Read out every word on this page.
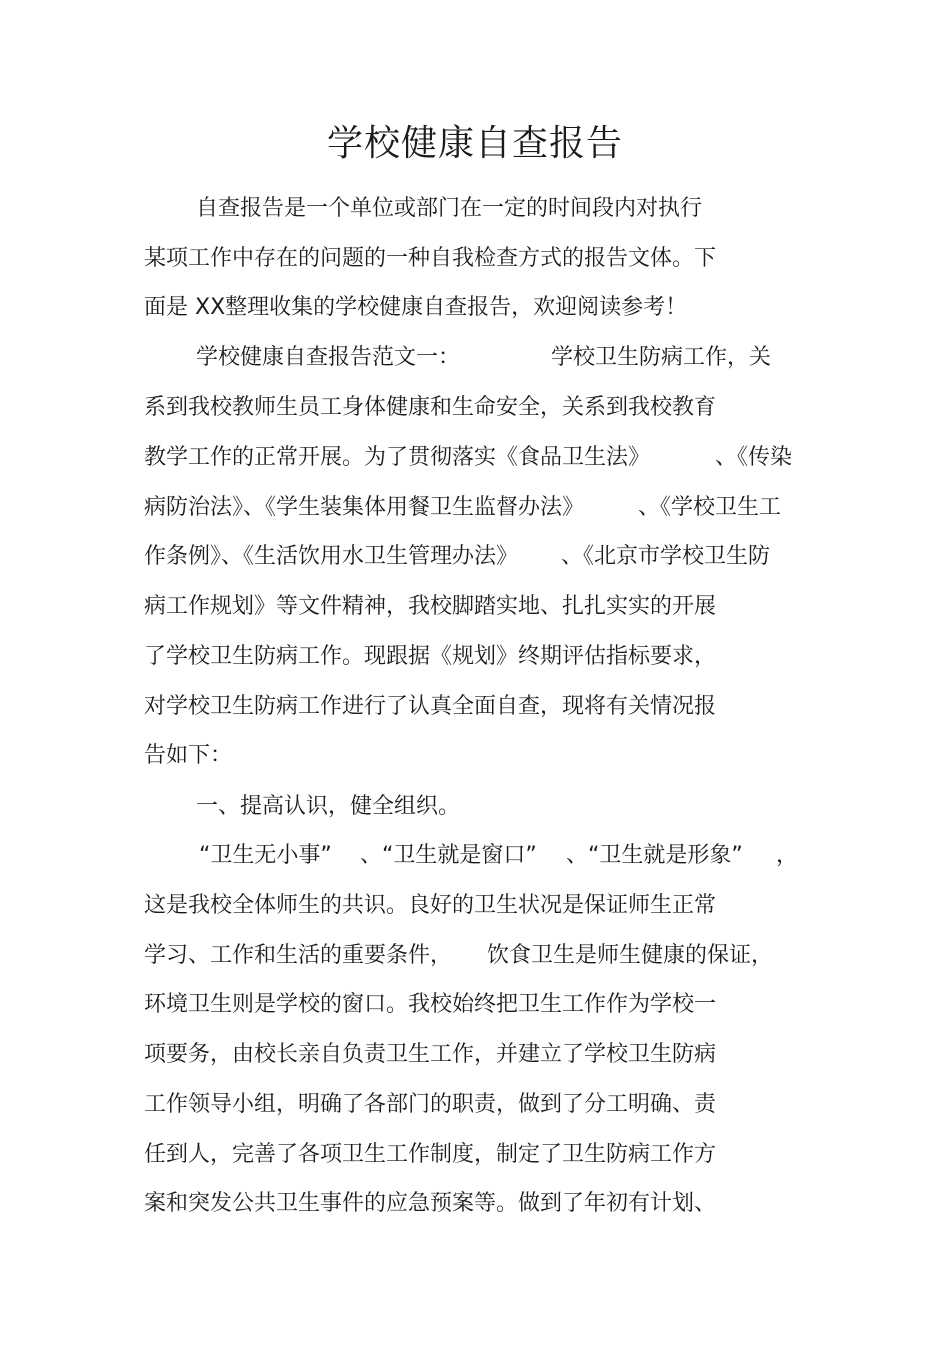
学校健康自查报告
自查报告是一个单位或部门在一定的时间段内对执行
某项工作中存在的问题的一种自我检查方式的报告文体。下
面是 XX整理收集的学校健康自查报告，欢迎阅读参考！
学校健康自查报告范文一：	学校卫生防病工作，关
系到我校教师生员工身体健康和生命安全，关系到我校教育
教学工作的正常开展。为了贯彻落实《食品卫生法》	、《传染
病防治法》、《学生装集体用餐卫生监督办法》 、《学校卫生工
作条例》、《生活饮用水卫生管理办法》 、《北京市学校卫生防
病工作规划》等文件精神，我校脚踏实地、扎扎实实的开展
了学校卫生防病工作。现跟据《规划》终期评估指标要求，
对学校卫生防病工作进行了认真全面自查，现将有关情况报
告如下：
一、提高认识，健全组织。
“卫生无小事” 、“卫生就是窗口” 、“卫生就是形象” ，
这是我校全体师生的共识。良好的卫生状况是保证师生正常
学习、工作和生活的重要条件， 饮食卫生是师生健康的保证，
环境卫生则是学校的窗口。我校始终把卫生工作作为学校一
项要务，由校长亲自负责卫生工作，并建立了学校卫生防病
工作领导小组，明确了各部门的职责，做到了分工明确、责
任到人，完善了各项卫生工作制度，制定了卫生防病工作方
案和突发公共卫生事件的应急预案等。做到了年初有计划、
